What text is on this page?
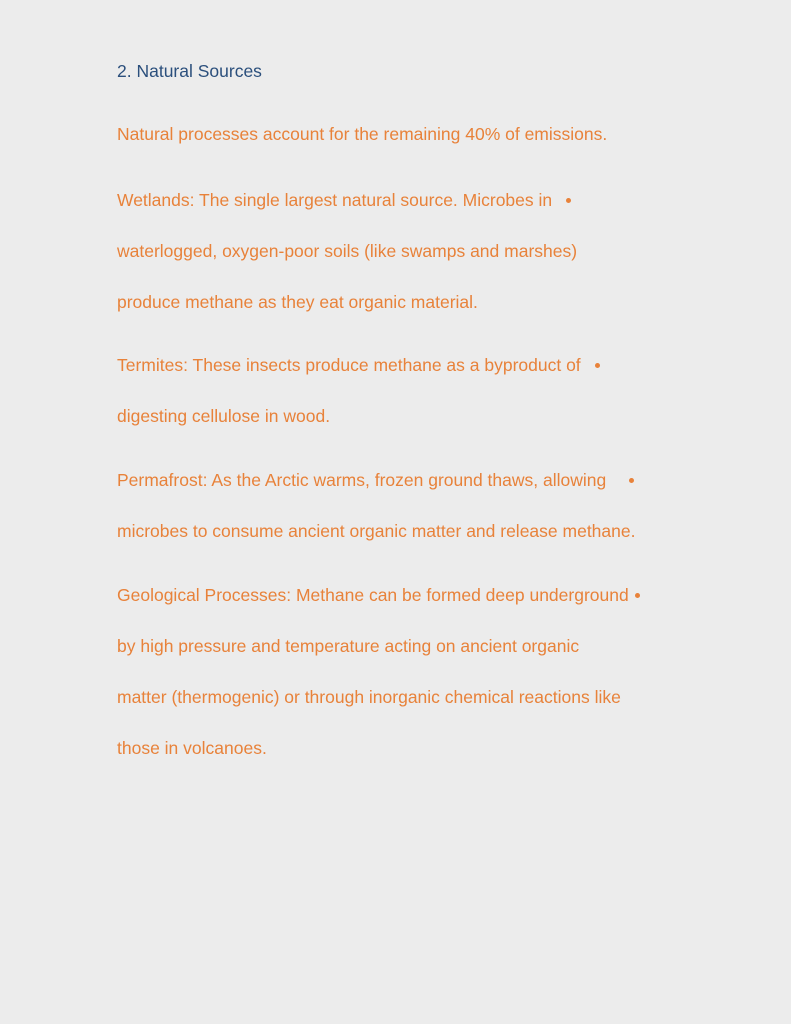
2. Natural Sources

Natural processes account for the remaining 40% of emissions.

Wetlands: The single largest natural source. Microbes in
waterlogged, oxygen-poor soils (like swamps and marshes)
produce methane as they eat organic material.
Termites: These insects produce methane as a byproduct of
digesting cellulose in wood.
Permafrost: As the Arctic warms, frozen ground thaws, allowing
microbes to consume ancient organic matter and release methane.
Geological Processes: Methane can be formed deep underground
by high pressure and temperature acting on ancient organic
matter (thermogenic) or through inorganic chemical reactions like
those in volcanoes.
